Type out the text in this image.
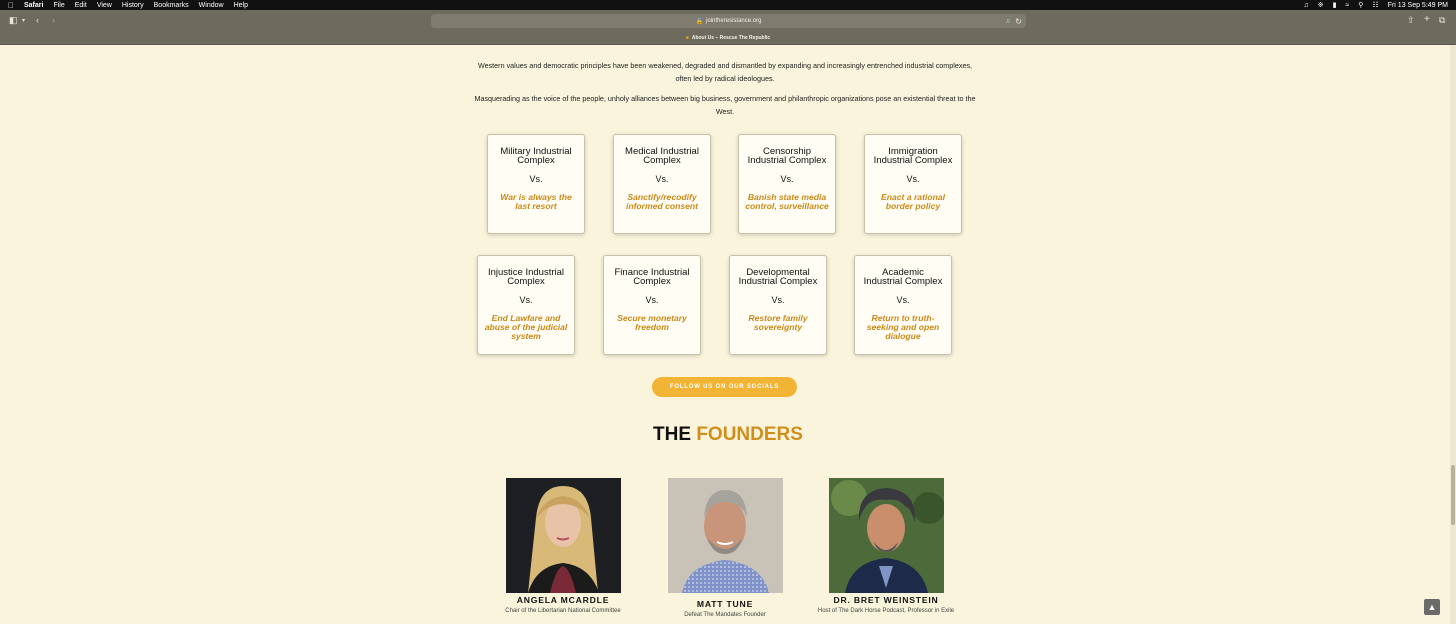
Safari File Edit View History Bookmarks Window Help	♫ ※ ▮ ≈ ⚲ ☷ Fri 13 Sep 5:49 PM
◧ ▾ ‹ ›	🔒 jointheresistance.org	♬ ↻	⇧ + ⧉
■ About Us – Rescue The Republic

Western values and democratic principles have been weakened, degraded and dismantled by expanding and increasingly entrenched industrial complexes, often led by radical ideologues.

Masquerading as the voice of the people, unholy alliances between big business, government and philanthropic organizations pose an existential threat to the West.

Military Industrial Complex
Vs.
War is always the last resort
Medical Industrial Complex
Vs.
Sanctify/recodify informed consent
Censorship Industrial Complex
Vs.
Banish state media control, surveillance
Immigration Industrial Complex
Vs.
Enact a rational border policy
Injustice Industrial Complex
Vs.
End Lawfare and abuse of the judicial system
Finance Industrial Complex
Vs.
Secure monetary freedom
Developmental Industrial Complex
Vs.
Restore family sovereignty
Academic Industrial Complex
Vs.
Return to truth-seeking and open dialogue
FOLLOW US ON OUR SOCIALS
THE FOUNDERS
ANGELA MCARDLE
Chair of the Libertarian National Committee
MATT TUNE
Defeat The Mandates Founder
DR. BRET WEINSTEIN
Host of The Dark Horse Podcast, Professor in Exile	▲
